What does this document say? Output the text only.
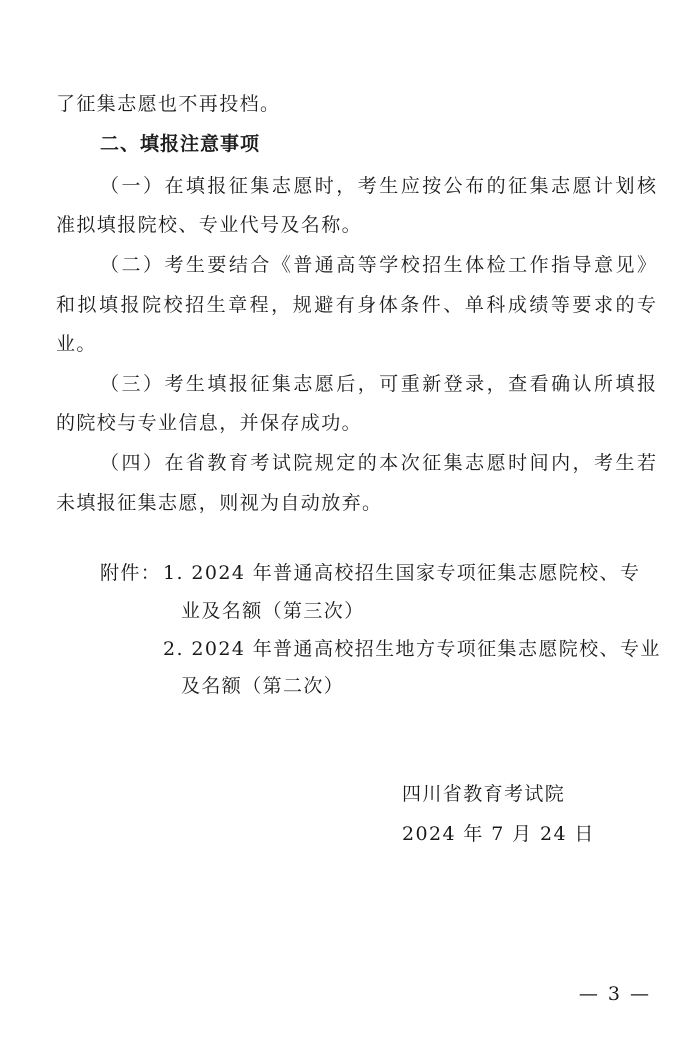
了征集志愿也不再投档。
二、填报注意事项
（一）在填报征集志愿时，考生应按公布的征集志愿计划核
准拟填报院校、专业代号及名称。
（二）考生要结合《普通高等学校招生体检工作指导意见》
和拟填报院校招生章程，规避有身体条件、单科成绩等要求的专
业。
（三）考生填报征集志愿后，可重新登录，查看确认所填报
的院校与专业信息，并保存成功。
（四）在省教育考试院规定的本次征集志愿时间内，考生若
未填报征集志愿，则视为自动放弃。
附件： 1. 2024 年普通高校招生国家专项征集志愿院校、专
业及名额（第三次）
2. 2024 年普通高校招生地方专项征集志愿院校、专业
及名额（第二次）
四川省教育考试院
2024 年 7 月 24 日
— 3 —
